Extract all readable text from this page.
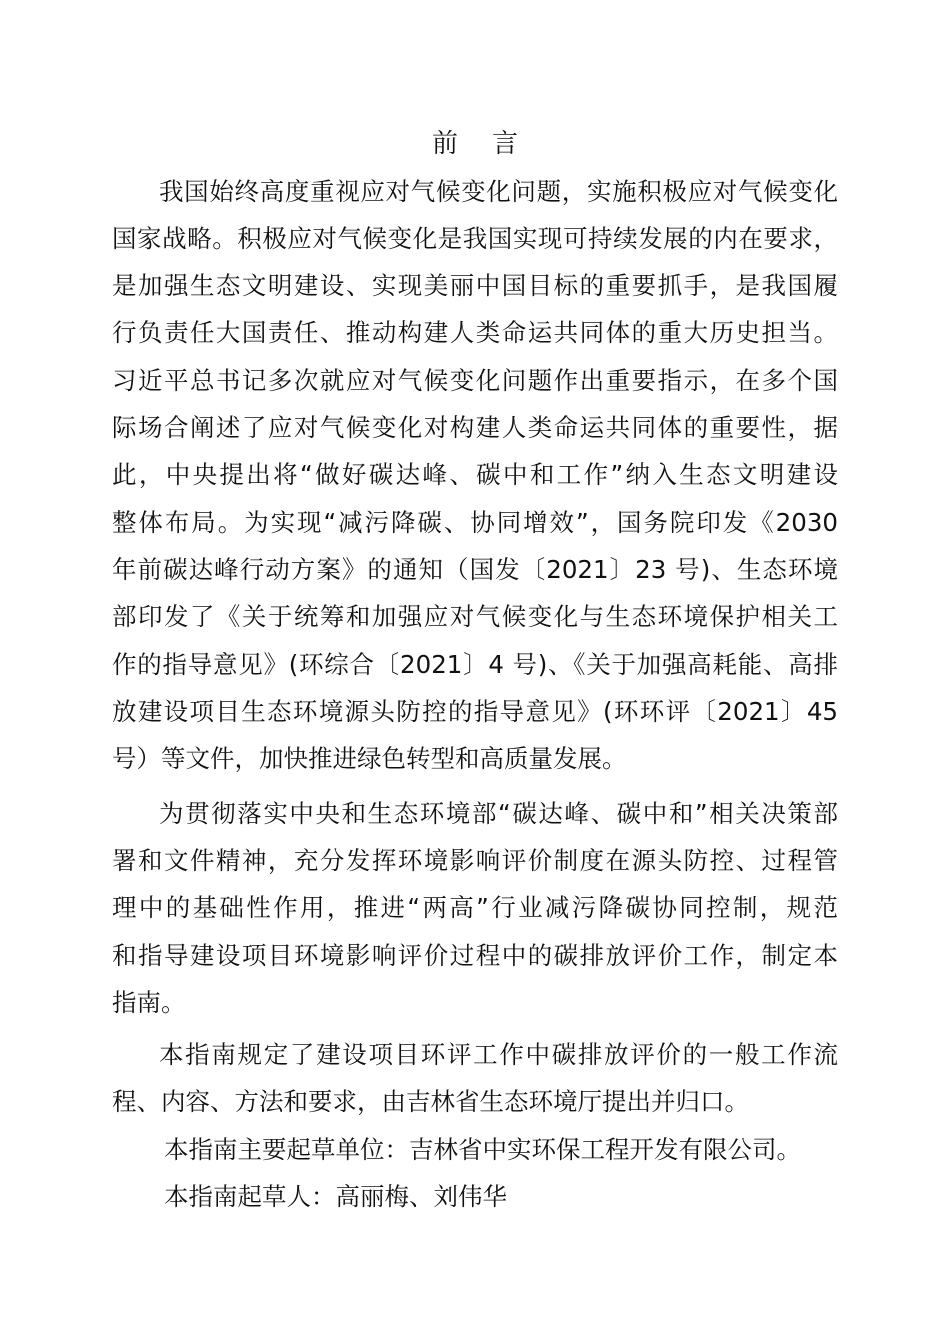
前言
我国始终高度重视应对气候变化问题，实施积极应对气候变化
国家战略。积极应对气候变化是我国实现可持续发展的内在要求，
是加强生态文明建设、实现美丽中国目标的重要抓手，是我国履
行负责任大国责任、推动构建人类命运共同体的重大历史担当。
习近平总书记多次就应对气候变化问题作出重要指示，在多个国
际场合阐述了应对气候变化对构建人类命运共同体的重要性，据
此，中央提出将“做好碳达峰、碳中和工作”纳入生态文明建设
整体布局。为实现“减污降碳、协同增效”，国务院印发《2030
年前碳达峰行动方案》的通知（国发〔2021〕23 号)、生态环境
部印发了《关于统筹和加强应对气候变化与生态环境保护相关工
作的指导意见》(环综合〔2021〕4 号)、《关于加强高耗能、高排
放建设项目生态环境源头防控的指导意见》(环环评〔2021〕45
号）等文件，加快推进绿色转型和高质量发展。
为贯彻落实中央和生态环境部“碳达峰、碳中和”相关决策部
署和文件精神，充分发挥环境影响评价制度在源头防控、过程管
理中的基础性作用，推进“两高”行业减污降碳协同控制，规范
和指导建设项目环境影响评价过程中的碳排放评价工作，制定本
指南。
本指南规定了建设项目环评工作中碳排放评价的一般工作流
程、内容、方法和要求，由吉林省生态环境厅提出并归口。
本指南主要起草单位：吉林省中实环保工程开发有限公司。
本指南起草人：高丽梅、刘伟华
